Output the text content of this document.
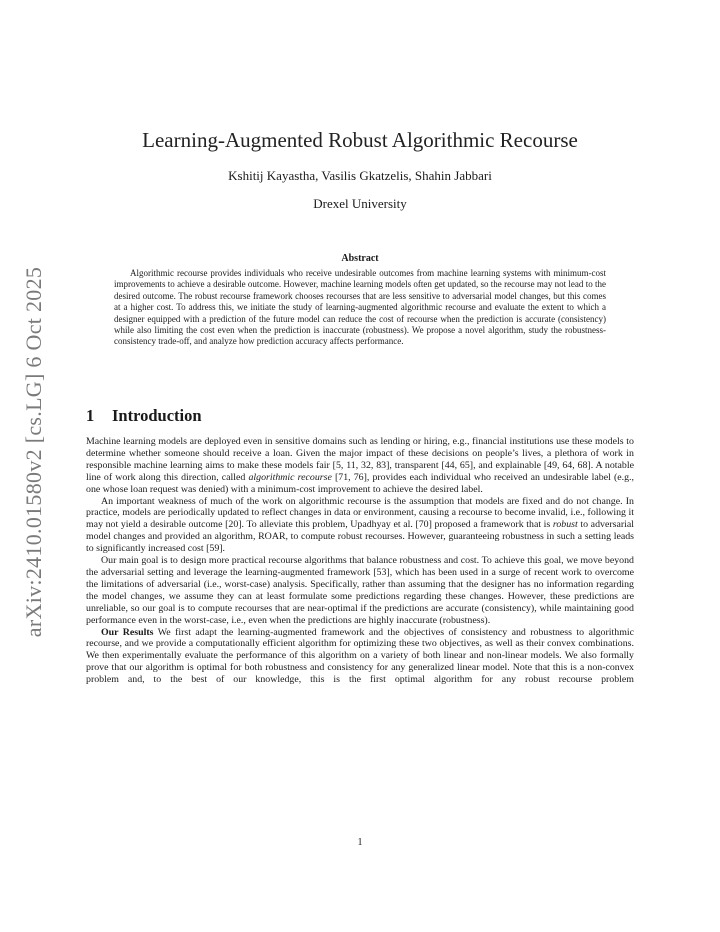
arXiv:2410.01580v2 [cs.LG] 6 Oct 2025
Learning-Augmented Robust Algorithmic Recourse
Kshitij Kayastha, Vasilis Gkatzelis, Shahin Jabbari
Drexel University
Abstract

Algorithmic recourse provides individuals who receive undesirable outcomes from machine learning systems with minimum-cost improvements to achieve a desirable outcome. However, machine learning models often get updated, so the recourse may not lead to the desired outcome. The robust recourse framework chooses recourses that are less sensitive to adversarial model changes, but this comes at a higher cost. To address this, we initiate the study of learning-augmented algorithmic recourse and evaluate the extent to which a designer equipped with a prediction of the future model can reduce the cost of recourse when the prediction is accurate (consistency) while also limiting the cost even when the prediction is inaccurate (robustness). We propose a novel algorithm, study the robustness-consistency trade-off, and analyze how prediction accuracy affects performance.

1 Introduction

Machine learning models are deployed even in sensitive domains such as lending or hiring, e.g., financial institutions use these models to determine whether someone should receive a loan. Given the major impact of these decisions on people’s lives, a plethora of work in responsible machine learning aims to make these models fair [5, 11, 32, 83], transparent [44, 65], and explainable [49, 64, 68]. A notable line of work along this direction, called algorithmic recourse [71, 76], provides each individual who received an undesirable label (e.g., one whose loan request was denied) with a minimum-cost improvement to achieve the desired label.

An important weakness of much of the work on algorithmic recourse is the assumption that models are fixed and do not change. In practice, models are periodically updated to reflect changes in data or environment, causing a recourse to become invalid, i.e., following it may not yield a desirable outcome [20]. To alleviate this problem, Upadhyay et al. [70] proposed a framework that is robust to adversarial model changes and provided an algorithm, ROAR, to compute robust recourses. However, guaranteeing robustness in such a setting leads to significantly increased cost [59].

Our main goal is to design more practical recourse algorithms that balance robustness and cost. To achieve this goal, we move beyond the adversarial setting and leverage the learning-augmented framework [53], which has been used in a surge of recent work to overcome the limitations of adversarial (i.e., worst-case) analysis. Specifically, rather than assuming that the designer has no information regarding the model changes, we assume they can at least formulate some predictions regarding these changes. However, these predictions are unreliable, so our goal is to compute recourses that are near-optimal if the predictions are accurate (consistency), while maintaining good performance even in the worst-case, i.e., even when the predictions are highly inaccurate (robustness).

Our Results We first adapt the learning-augmented framework and the objectives of consistency and robustness to algorithmic recourse, and we provide a computationally efficient algorithm for optimizing these two objectives, as well as their convex combinations. We then experimentally evaluate the performance of this algorithm on a variety of both linear and non-linear models. We also formally prove that our algorithm is optimal for both robustness and consistency for any generalized linear model. Note that this is a non-convex problem and, to the best of our knowledge, this is the first optimal algorithm for any robust recourse problem

1
